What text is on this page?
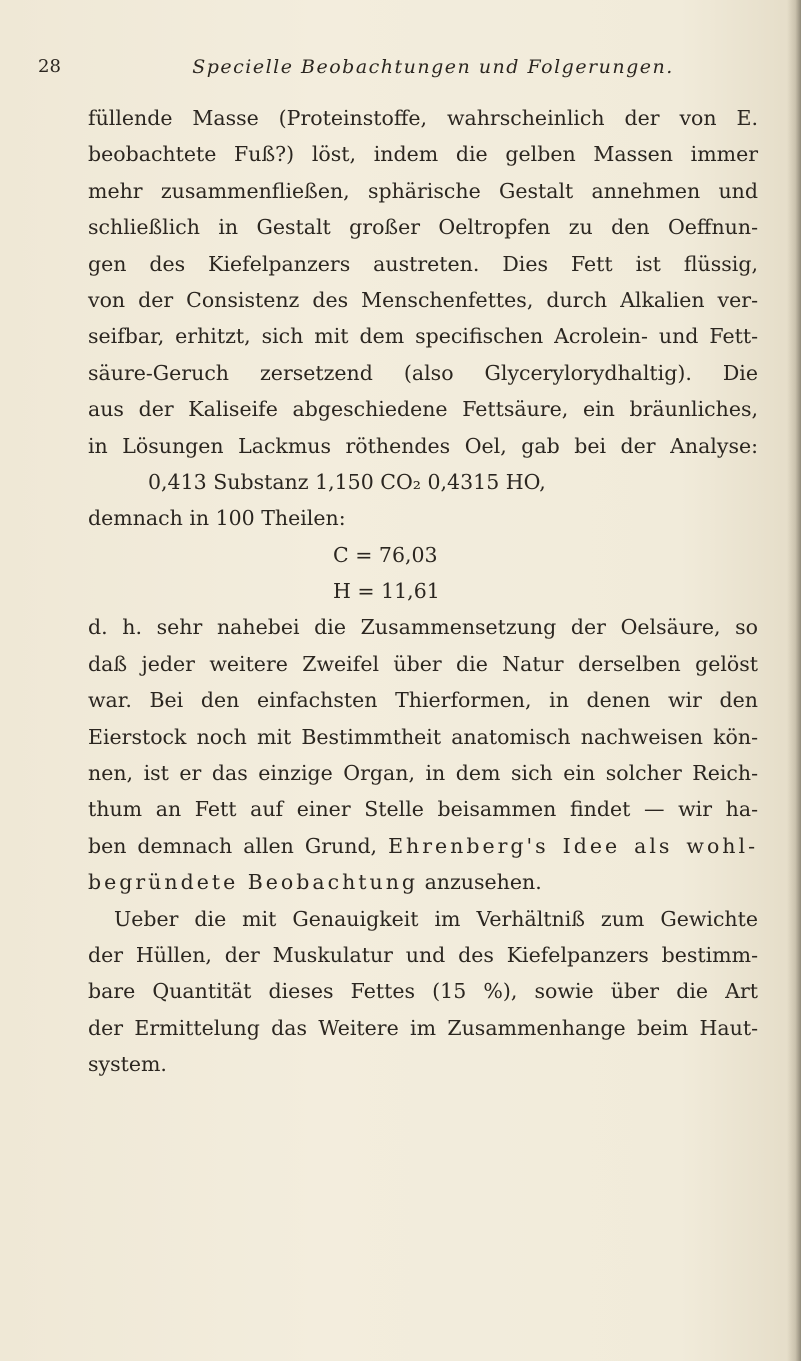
28	Specielle Beobachtungen und Folgerungen.
füllende Masse (Proteinstoffe, wahrscheinlich der von E.
beobachtete Fuß?) löst, indem die gelben Massen immer
mehr zusammenfließen, sphärische Gestalt annehmen und
schließlich in Gestalt großer Oeltropfen zu den Oeffnun-
gen des Kiefelpanzers austreten. Dies Fett ist flüssig,
von der Consistenz des Menschenfettes, durch Alkalien ver-
seifbar, erhitzt, sich mit dem specifischen Acrolein- und Fett-
säure-Geruch zersetzend (also Glycerylorydhaltig). Die
aus der Kaliseife abgeschiedene Fettsäure, ein bräunliches,
in Lösungen Lackmus röthendes Oel, gab bei der Analyse:
0,413 Substanz 1,150 CO₂ 0,4315 HO,
demnach in 100 Theilen:
C = 76,03
H = 11,61
d. h. sehr nahebei die Zusammensetzung der Oelsäure, so
daß jeder weitere Zweifel über die Natur derselben gelöst
war. Bei den einfachsten Thierformen, in denen wir den
Eierstock noch mit Bestimmtheit anatomisch nachweisen kön-
nen, ist er das einzige Organ, in dem sich ein solcher Reich-
thum an Fett auf einer Stelle beisammen findet — wir ha-
ben demnach allen Grund, Ehrenberg's Idee als wohl-
begründete Beobachtung anzusehen.
Ueber die mit Genauigkeit im Verhältniß zum Gewichte
der Hüllen, der Muskulatur und des Kiefelpanzers bestimm-
bare Quantität dieses Fettes (15 %), sowie über die Art
der Ermittelung das Weitere im Zusammenhange beim Haut-
system.
